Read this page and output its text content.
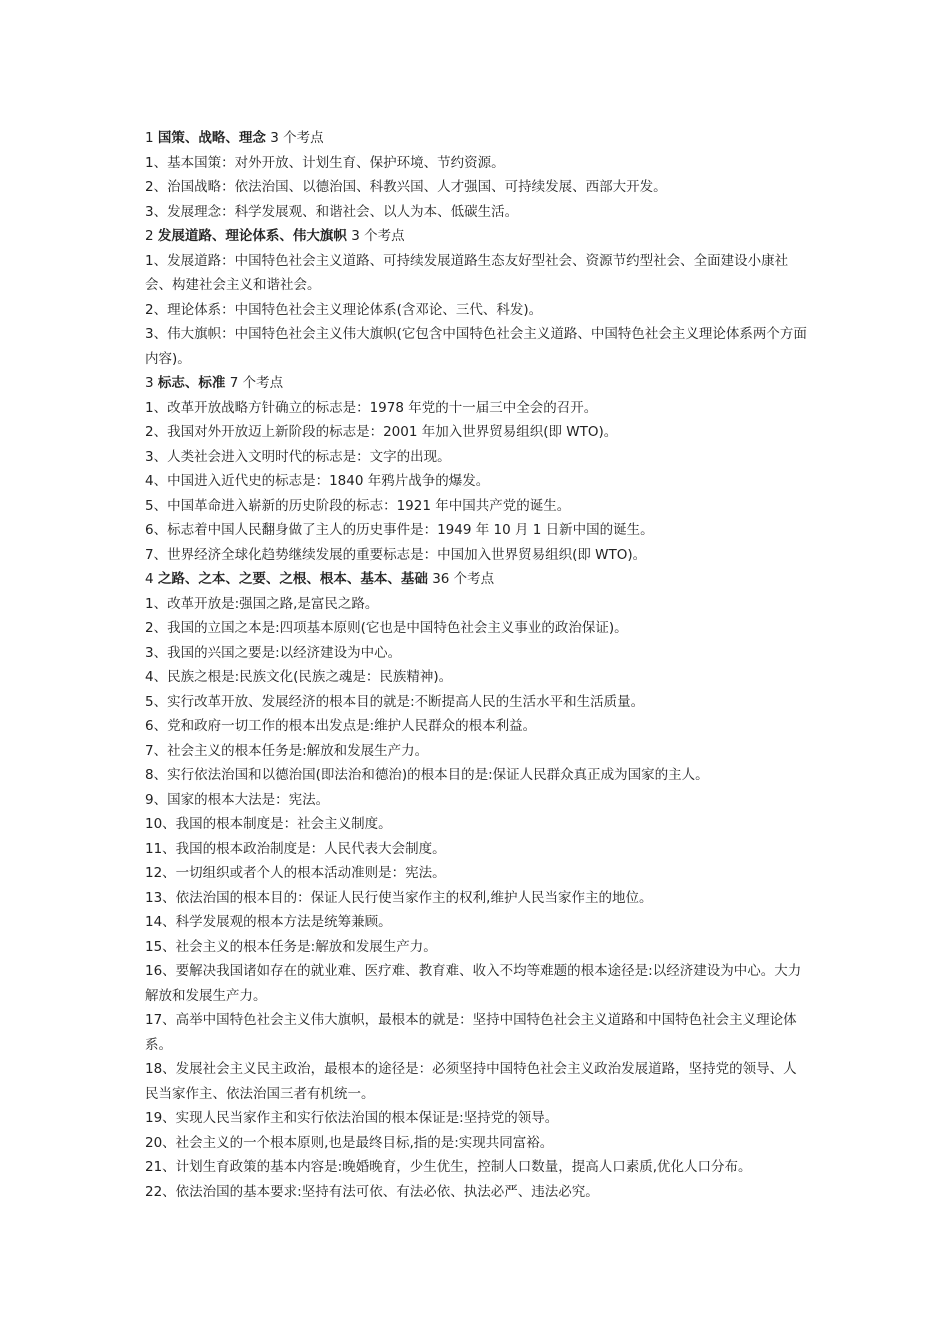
1 国策、战略、理念 3 个考点
1、基本国策：对外开放、计划生育、保护环境、节约资源。
2、治国战略：依法治国、以德治国、科教兴国、人才强国、可持续发展、西部大开发。
3、发展理念：科学发展观、和谐社会、以人为本、低碳生活。
2 发展道路、理论体系、伟大旗帜 3 个考点
1、发展道路：中国特色社会主义道路、可持续发展道路生态友好型社会、资源节约型社会、全面建设小康社会、构建社会主义和谐社会。
2、理论体系：中国特色社会主义理论体系(含邓论、三代、科发)。
3、伟大旗帜：中国特色社会主义伟大旗帜(它包含中国特色社会主义道路、中国特色社会主义理论体系两个方面内容)。
3 标志、标准 7 个考点
1、改革开放战略方针确立的标志是：1978 年党的十一届三中全会的召开。
2、我国对外开放迈上新阶段的标志是：2001 年加入世界贸易组织(即 WTO)。
3、人类社会进入文明时代的标志是：文字的出现。
4、中国进入近代史的标志是：1840 年鸦片战争的爆发。
5、中国革命进入崭新的历史阶段的标志：1921 年中国共产党的诞生。
6、标志着中国人民翻身做了主人的历史事件是：1949 年 10 月 1 日新中国的诞生。
7、世界经济全球化趋势继续发展的重要标志是：中国加入世界贸易组织(即 WTO)。
4 之路、之本、之要、之根、根本、基本、基础 36 个考点
1、改革开放是:强国之路,是富民之路。
2、我国的立国之本是:四项基本原则(它也是中国特色社会主义事业的政治保证)。
3、我国的兴国之要是:以经济建设为中心。
4、民族之根是:民族文化(民族之魂是：民族精神)。
5、实行改革开放、发展经济的根本目的就是:不断提高人民的生活水平和生活质量。
6、党和政府一切工作的根本出发点是:维护人民群众的根本利益。
7、社会主义的根本任务是:解放和发展生产力。
8、实行依法治国和以德治国(即法治和德治)的根本目的是:保证人民群众真正成为国家的主人。
9、国家的根本大法是：宪法。
10、我国的根本制度是：社会主义制度。
11、我国的根本政治制度是：人民代表大会制度。
12、一切组织或者个人的根本活动准则是：宪法。
13、依法治国的根本目的：保证人民行使当家作主的权利,维护人民当家作主的地位。
14、科学发展观的根本方法是统筹兼顾。
15、社会主义的根本任务是:解放和发展生产力。
16、要解决我国诸如存在的就业难、医疗难、教育难、收入不均等难题的根本途径是:以经济建设为中心。大力解放和发展生产力。
17、高举中国特色社会主义伟大旗帜，最根本的就是：坚持中国特色社会主义道路和中国特色社会主义理论体系。
18、发展社会主义民主政治，最根本的途径是：必须坚持中国特色社会主义政治发展道路，坚持党的领导、人民当家作主、依法治国三者有机统一。
19、实现人民当家作主和实行依法治国的根本保证是:坚持党的领导。
20、社会主义的一个根本原则,也是最终目标,指的是:实现共同富裕。
21、计划生育政策的基本内容是:晚婚晚育，少生优生，控制人口数量，提高人口素质,优化人口分布。
22、依法治国的基本要求:坚持有法可依、有法必依、执法必严、违法必究。
